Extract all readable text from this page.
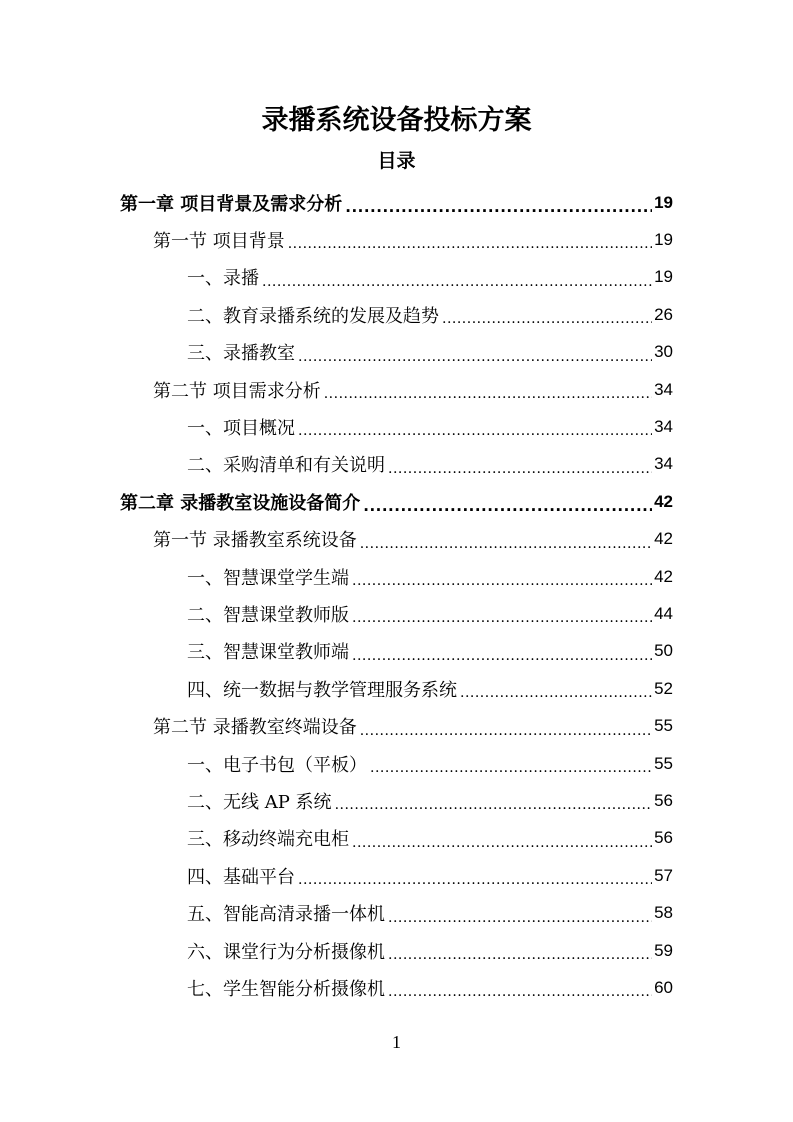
录播系统设备投标方案
目录
第一章 项目背景及需求分析 .....	19
第一节 项目背景 .....	19
一、录播 .....	19
二、教育录播系统的发展及趋势 .....	26
三、录播教室 .....	30
第二节 项目需求分析 .....	34
一、项目概况 .....	34
二、采购清单和有关说明 .....	34
第二章 录播教室设施设备简介 .....	42
第一节 录播教室系统设备 .....	42
一、智慧课堂学生端 .....	42
二、智慧课堂教师版 .....	44
三、智慧课堂教师端 .....	50
四、统一数据与教学管理服务系统 .....	52
第二节 录播教室终端设备 .....	55
一、电子书包（平板） .....	55
二、无线 AP 系统 .....	56
三、移动终端充电柜 .....	56
四、基础平台 .....	57
五、智能高清录播一体机 .....	58
六、课堂行为分析摄像机 .....	59
七、学生智能分析摄像机 .....	60
1
